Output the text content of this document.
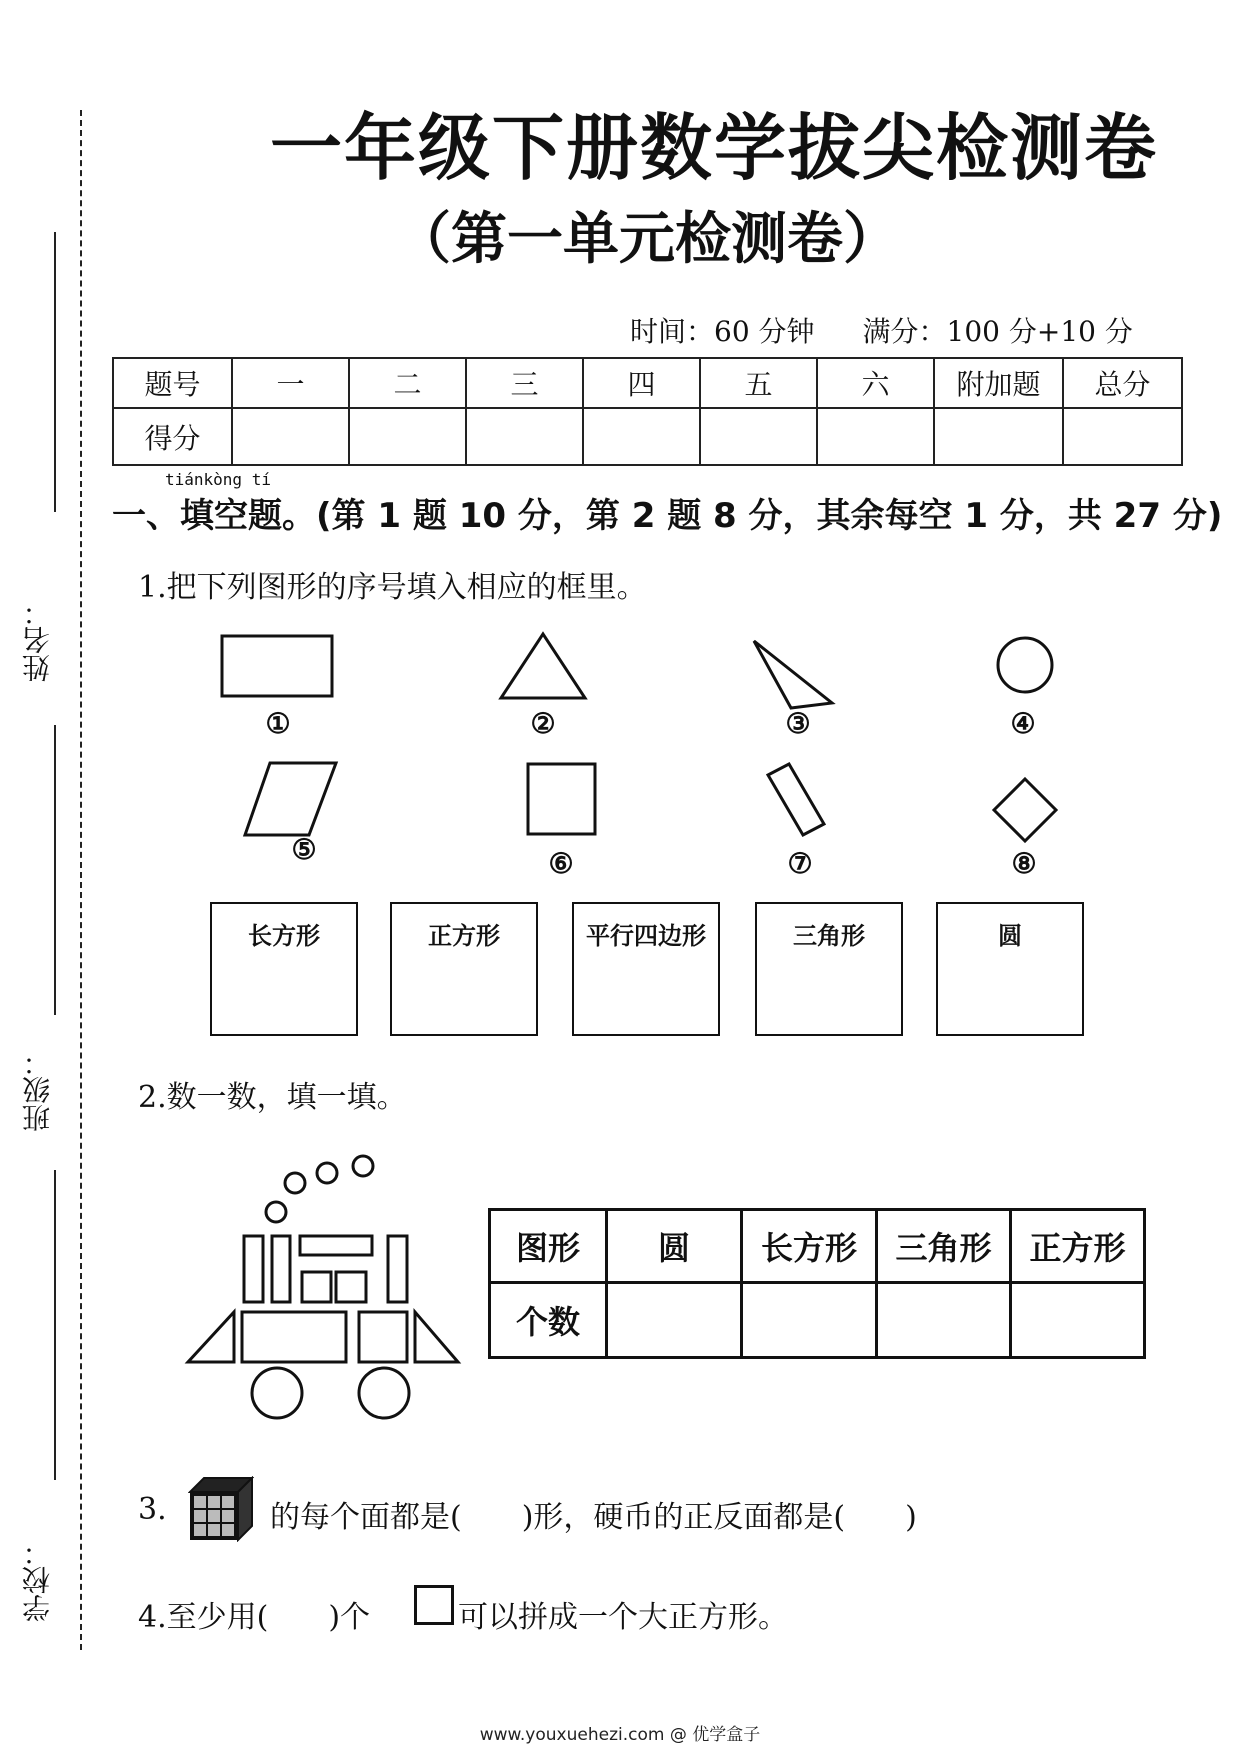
姓名：
班级：
学校：
一年级下册数学拔尖检测卷
（第一单元检测卷）
时间：60 分钟 满分：100 分+10 分
题号	一	二	三	四	五	六	附加题	总分
得分								
tiánkòng tí
一、填空题。(第 1 题 10 分，第 2 题 8 分，其余每空 1 分，共 27 分)
1.把下列图形的序号填入相应的框里。
①	②	③	④
⑤	⑥	⑦	⑧
长方形	正方形	平行四边形	三角形	圆
2.数一数，填一填。
图形	圆	长方形	三角形	正方形
个数				
3.	的每个面都是(　　)形，硬币的正反面都是(　　)
4.至少用(　　)个	可以拼成一个大正方形。
www.youxuehezi.com @ 优学盒子
